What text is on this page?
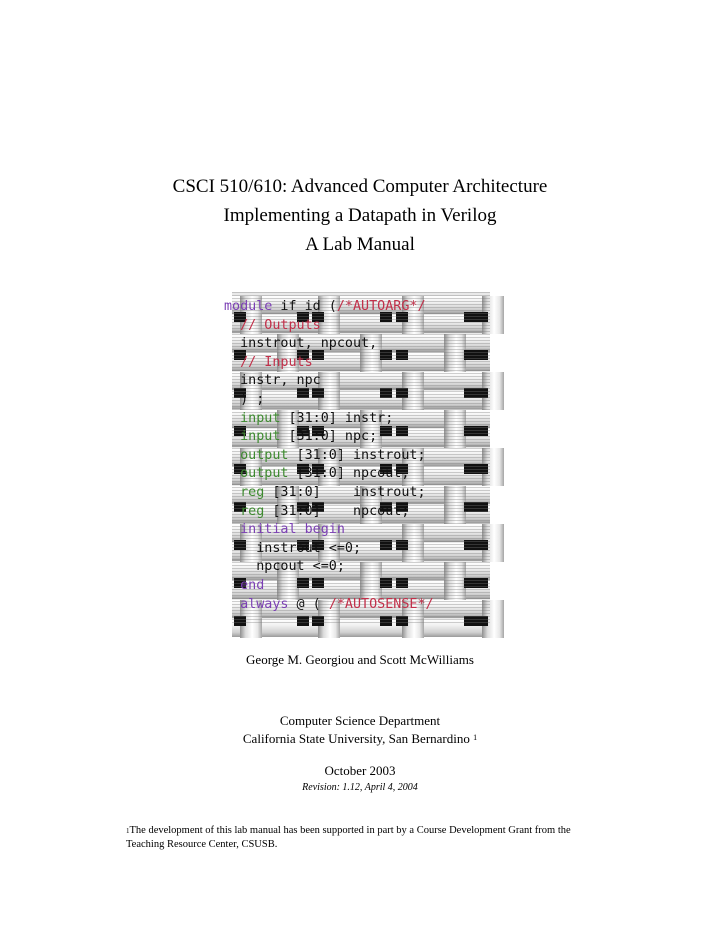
CSCI 510/610: Advanced Computer Architecture
Implementing a Datapath in Verilog
A Lab Manual
module if_id (/*AUTOARG*/
// Outputs
instrout, npcout,
// Inputs
instr, npc
) ;
input [31:0] instr;
input [31:0] npc;
output [31:0] instrout;
output [31:0] npcout;
reg [31:0]    instrout;
reg [31:0]    npcout;
initial begin
instrout <=0;
npcout <=0;
end
always @ ( /*AUTOSENSE*/
George M. Georgiou and Scott McWilliams
Computer Science Department
California State University, San Bernardino $^1$
October 2003
Revision: 1.12, April 4, 2004
$^1$The development of this lab manual has been supported in part by a Course Development Grant from the Teaching Resource Center, CSUSB.
